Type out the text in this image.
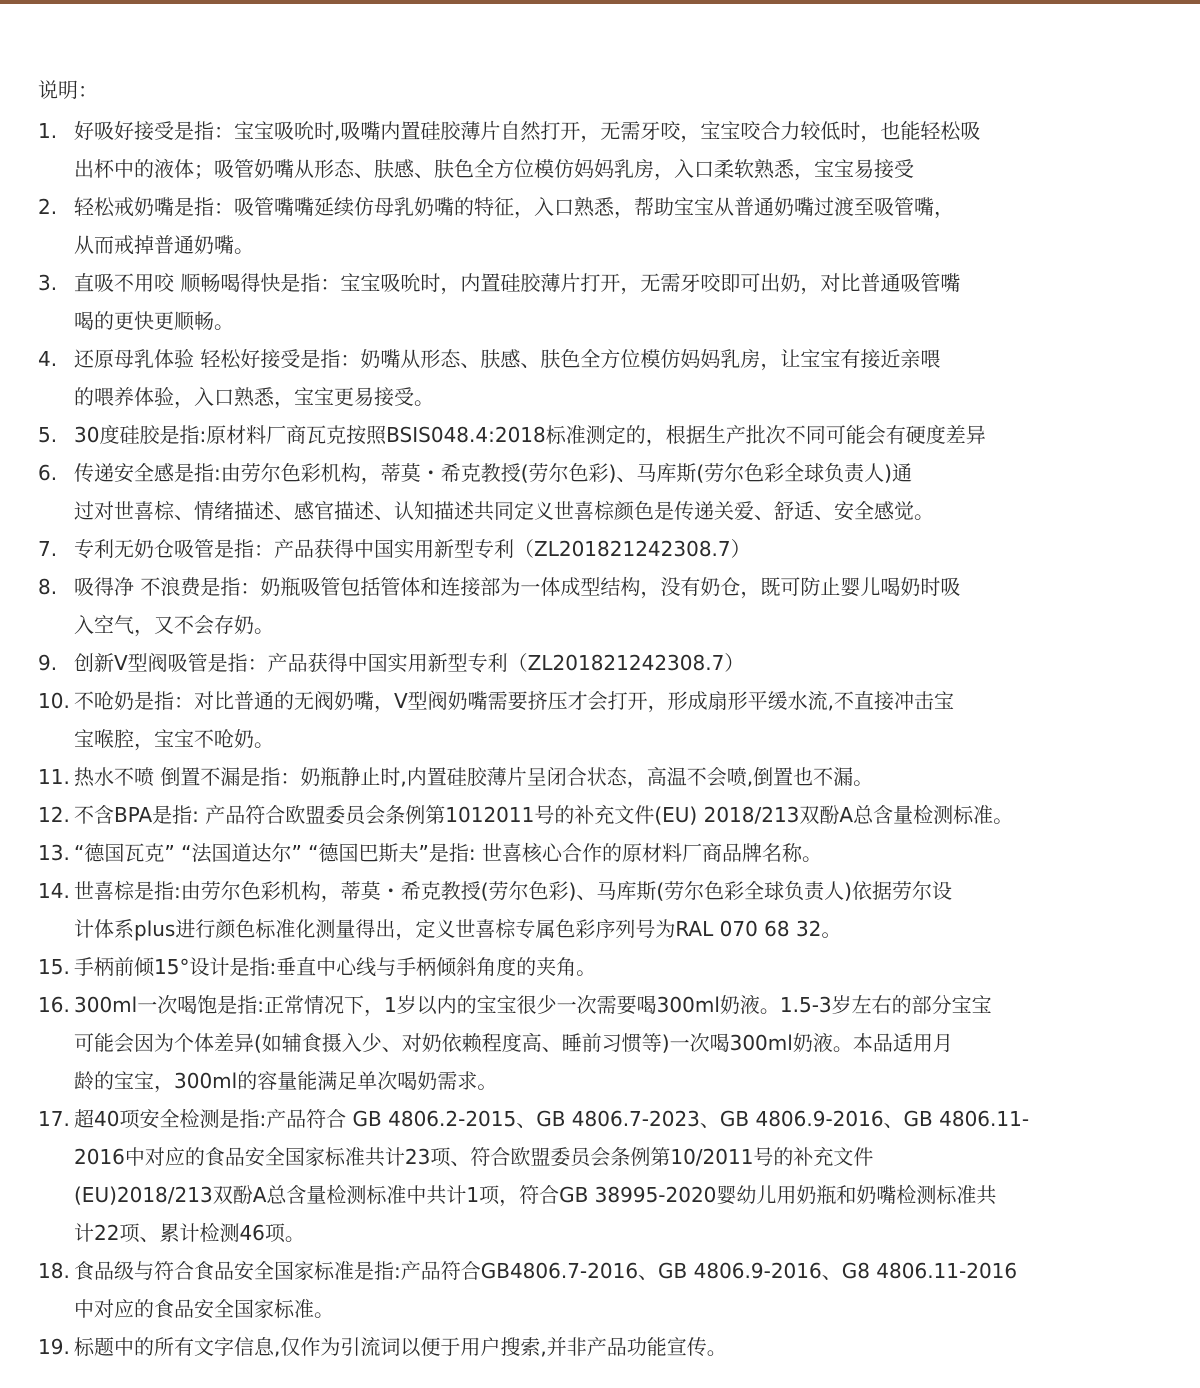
说明：
1. 好吸好接受是指：宝宝吸吮时,吸嘴内置硅胶薄片自然打开，无需牙咬，宝宝咬合力较低时，也能轻松吸
出杯中的液体；吸管奶嘴从形态、肤感、肤色全方位模仿妈妈乳房，入口柔软熟悉，宝宝易接受
2. 轻松戒奶嘴是指：吸管嘴嘴延续仿母乳奶嘴的特征，入口熟悉，帮助宝宝从普通奶嘴过渡至吸管嘴，
从而戒掉普通奶嘴。
3. 直吸不用咬 顺畅喝得快是指：宝宝吸吮时，内置硅胶薄片打开，无需牙咬即可出奶，对比普通吸管嘴
喝的更快更顺畅。
4. 还原母乳体验 轻松好接受是指：奶嘴从形态、肤感、肤色全方位模仿妈妈乳房，让宝宝有接近亲喂
的喂养体验，入口熟悉，宝宝更易接受。
5. 30度硅胶是指:原材料厂商瓦克按照BSIS048.4:2018标准测定的，根据生产批次不同可能会有硬度差异
6. 传递安全感是指:由劳尔色彩机构，蒂莫・希克教授(劳尔色彩)、马库斯(劳尔色彩全球负责人)通
过对世喜棕、情绪描述、感官描述、认知描述共同定义世喜棕颜色是传递关爱、舒适、安全感觉。
7. 专利无奶仓吸管是指：产品获得中国实用新型专利（ZL201821242308.7）
8. 吸得净 不浪费是指：奶瓶吸管包括管体和连接部为一体成型结构，没有奶仓，既可防止婴儿喝奶时吸
入空气，又不会存奶。
9. 创新V型阀吸管是指：产品获得中国实用新型专利（ZL201821242308.7）
10. 不呛奶是指：对比普通的无阀奶嘴，V型阀奶嘴需要挤压才会打开，形成扇形平缓水流,不直接冲击宝
宝喉腔，宝宝不呛奶。
11. 热水不喷 倒置不漏是指：奶瓶静止时,内置硅胶薄片呈闭合状态，高温不会喷,倒置也不漏。
12. 不含BPA是指: 产品符合欧盟委员会条例第1012011号的补充文件(EU) 2018/213双酚A总含量检测标准。
13. “德国瓦克” “法国道达尔” “德国巴斯夫”是指: 世喜核心合作的原材料厂商品牌名称。
14. 世喜棕是指:由劳尔色彩机构，蒂莫・希克教授(劳尔色彩)、马库斯(劳尔色彩全球负责人)依据劳尔设
计体系plus进行颜色标准化测量得出，定义世喜棕专属色彩序列号为RAL 070 68 32。
15. 手柄前倾15°设计是指:垂直中心线与手柄倾斜角度的夹角。
16. 300ml一次喝饱是指:正常情况下，1岁以内的宝宝很少一次需要喝300ml奶液。1.5-3岁左右的部分宝宝
可能会因为个体差异(如辅食摄入少、对奶依赖程度高、睡前习惯等)一次喝300ml奶液。本品适用月
龄的宝宝，300ml的容量能满足单次喝奶需求。
17. 超40项安全检测是指:产品符合 GB 4806.2-2015、GB 4806.7-2023、GB 4806.9-2016、GB 4806.11-
2016中对应的食品安全国家标准共计23项、符合欧盟委员会条例第10/2011号的补充文件
(EU)2018/213双酚A总含量检测标准中共计1项，符合GB 38995-2020婴幼儿用奶瓶和奶嘴检测标准共
计22项、累计检测46项。
18. 食品级与符合食品安全国家标准是指:产品符合GB4806.7-2016、GB 4806.9-2016、G8 4806.11-2016
中对应的食品安全国家标准。
19. 标题中的所有文字信息,仅作为引流词以便于用户搜索,并非产品功能宣传。
